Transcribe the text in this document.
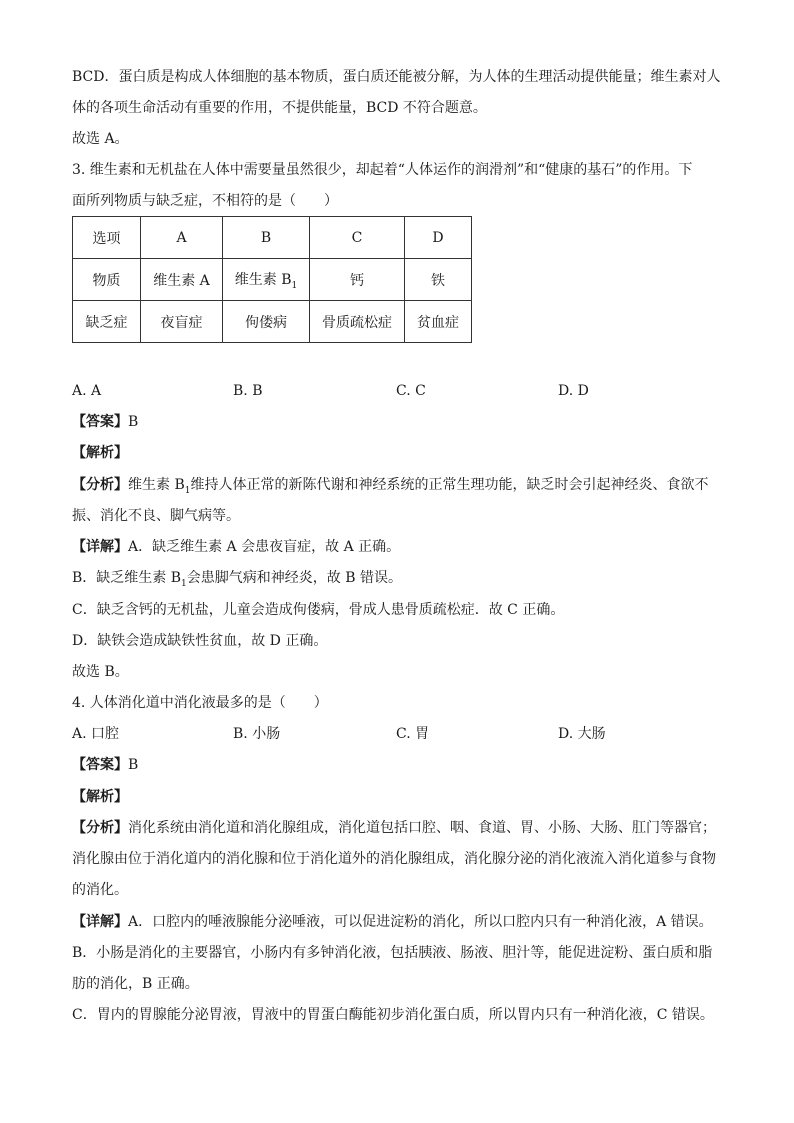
BCD．蛋白质是构成人体细胞的基本物质，蛋白质还能被分解，为人体的生理活动提供能量；维生素对人
体的各项生命活动有重要的作用，不提供能量，BCD 不符合题意。
故选 A。
3. 维生素和无机盐在人体中需要量虽然很少，却起着“人体运作的润滑剂”和“健康的基石”的作用。下
面所列物质与缺乏症，不相符的是（　　）
选项	A	B	C	D
物质	维生素 A	维生素 $B_1$	钙	铁
缺乏症	夜盲症	佝偻病	骨质疏松症	贫血症
A. A	B. B	C. C	D. D
【答案】B
【解析】
【分析】维生素 $B_1$维持人体正常的新陈代谢和神经系统的正常生理功能，缺乏时会引起神经炎、食欲不
振、消化不良、脚气病等。
【详解】A．缺乏维生素 A 会患夜盲症，故 A 正确。
B．缺乏维生素 $B_1$会患脚气病和神经炎，故 B 错误。
C．缺乏含钙的无机盐，儿童会造成佝偻病，骨成人患骨质疏松症．故 C 正确。
D．缺铁会造成缺铁性贫血，故 D 正确。
故选 B。
4. 人体消化道中消化液最多的是（　　）
A. 口腔	B. 小肠	C. 胃	D. 大肠
【答案】B
【解析】
【分析】消化系统由消化道和消化腺组成，消化道包括口腔、咽、食道、胃、小肠、大肠、肛门等器官；
消化腺由位于消化道内的消化腺和位于消化道外的消化腺组成，消化腺分泌的消化液流入消化道参与食物
的消化。
【详解】A．口腔内的唾液腺能分泌唾液，可以促进淀粉的消化，所以口腔内只有一种消化液，A 错误。
B．小肠是消化的主要器官，小肠内有多钟消化液，包括胰液、肠液、胆汁等，能促进淀粉、蛋白质和脂
肪的消化，B 正确。
C．胃内的胃腺能分泌胃液，胃液中的胃蛋白酶能初步消化蛋白质，所以胃内只有一种消化液，C 错误。
